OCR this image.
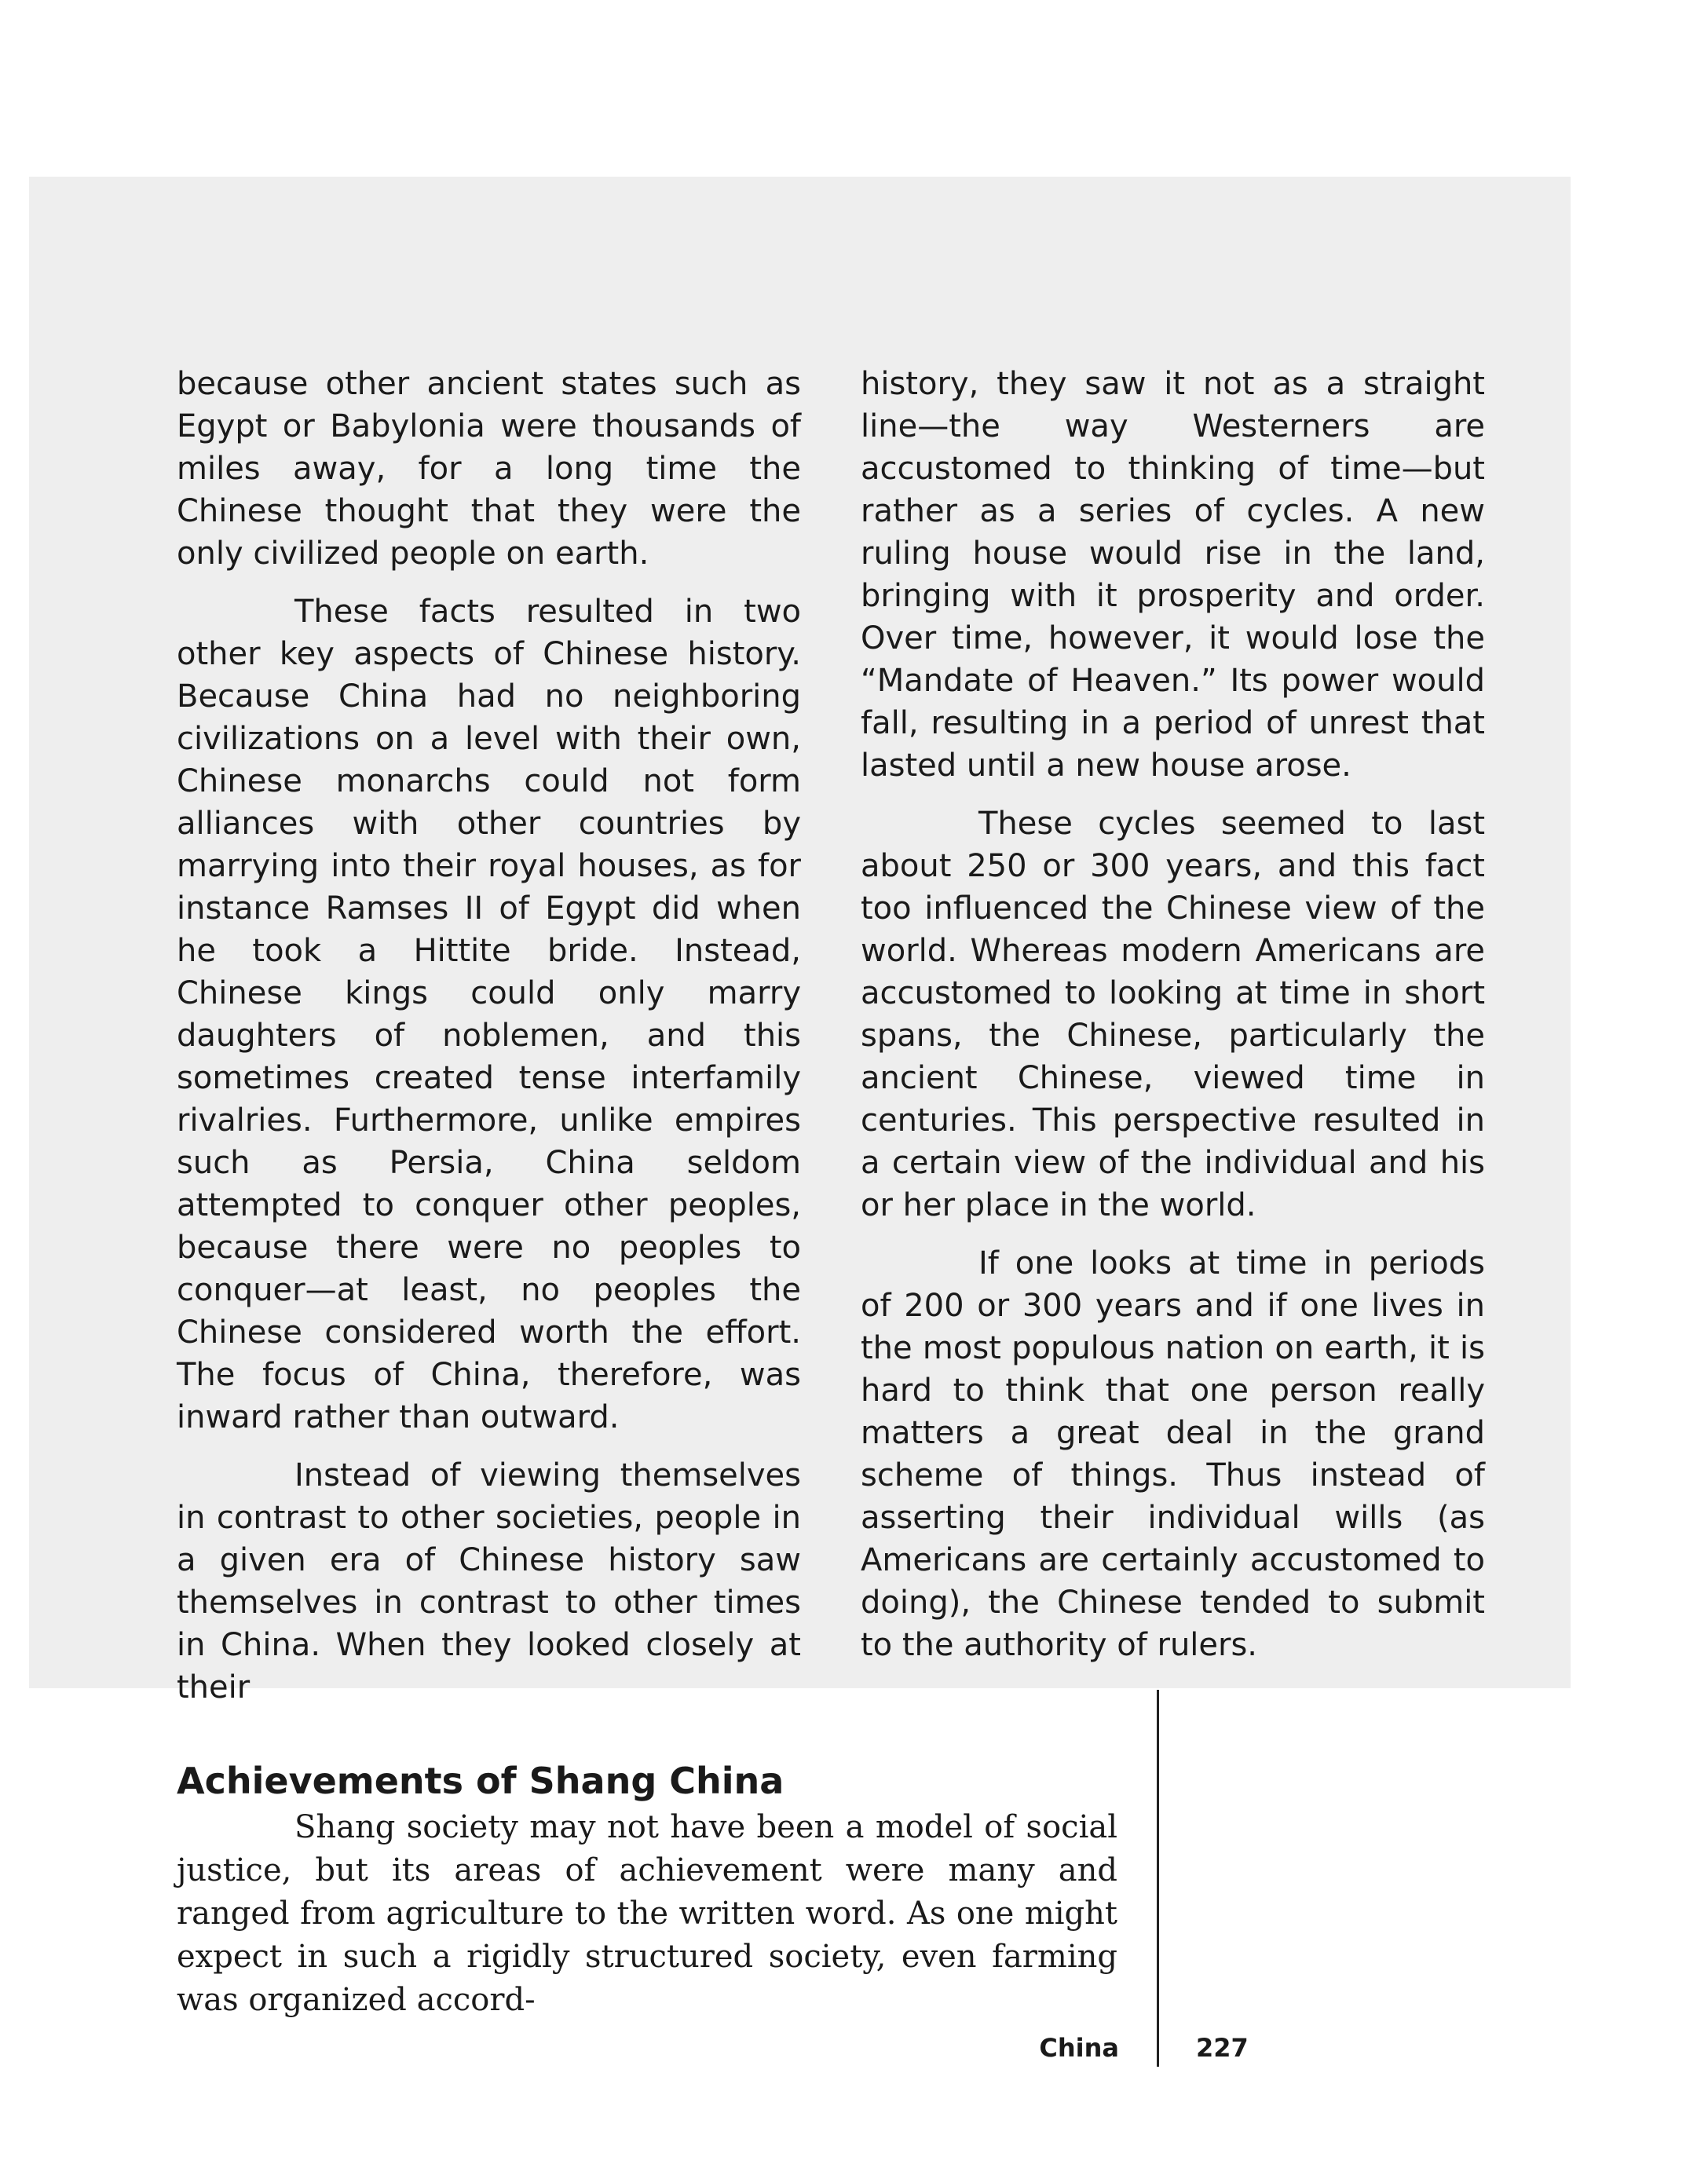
because other ancient states such as Egypt or Babylonia were thousands of miles away, for a long time the Chinese thought that they were the only civilized people on earth.

These facts resulted in two other key aspects of Chinese history. Because China had no neighboring civilizations on a level with their own, Chinese monarchs could not form alliances with other countries by marrying into their royal houses, as for instance Ramses II of Egypt did when he took a Hittite bride. Instead, Chinese kings could only marry daughters of noblemen, and this sometimes created tense interfamily rivalries. Furthermore, unlike empires such as Persia, China seldom attempted to conquer other peoples, because there were no peoples to conquer—at least, no peoples the Chinese considered worth the effort. The focus of China, therefore, was inward rather than outward.

Instead of viewing themselves in contrast to other societies, people in a given era of Chinese history saw themselves in contrast to other times in China. When they looked closely at their

history, they saw it not as a straight line—the way Westerners are accustomed to thinking of time—but rather as a series of cycles. A new ruling house would rise in the land, bringing with it prosperity and order. Over time, however, it would lose the “Mandate of Heaven.” Its power would fall, resulting in a period of unrest that lasted until a new house arose.

These cycles seemed to last about 250 or 300 years, and this fact too influenced the Chinese view of the world. Whereas modern Americans are accustomed to looking at time in short spans, the Chinese, particularly the ancient Chinese, viewed time in centuries. This perspective resulted in a certain view of the individual and his or her place in the world.

If one looks at time in periods of 200 or 300 years and if one lives in the most populous nation on earth, it is hard to think that one person really matters a great deal in the grand scheme of things. Thus instead of asserting their individual wills (as Americans are certainly accustomed to doing), the Chinese tended to submit to the authority of rulers.

Achievements of Shang China

Shang society may not have been a model of social justice, but its areas of achievement were many and ranged from agriculture to the written word. As one might expect in such a rigidly structured society, even farming was organized accord-

China	227
